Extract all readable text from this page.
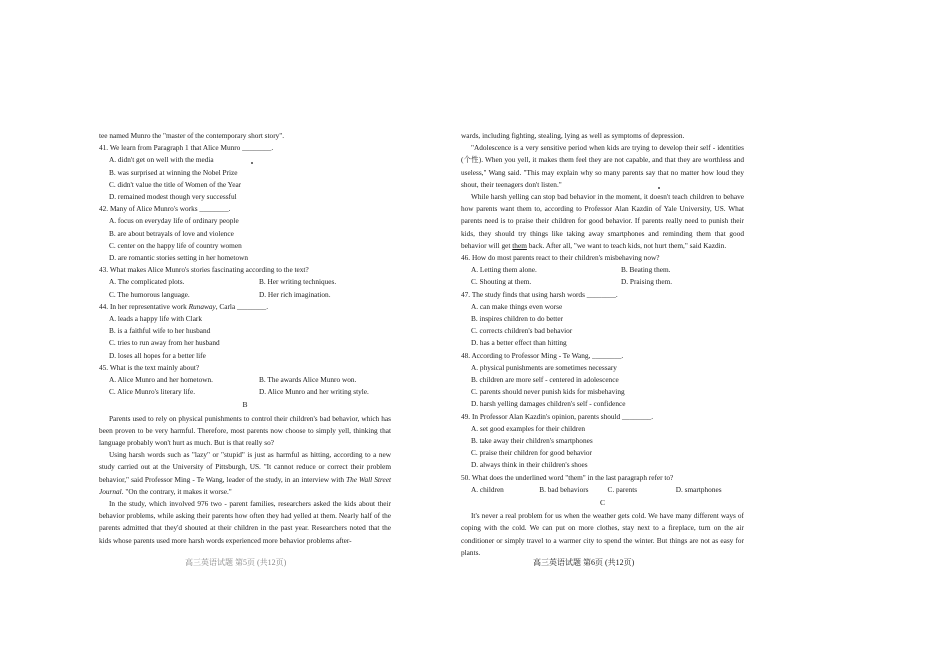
tee named Munro the "master of the contemporary short story".
41. We learn from Paragraph 1 that Alice Munro ________.
A. didn't get on well with the media
B. was surprised at winning the Nobel Prize
C. didn't value the title of Women of the Year
D. remained modest though very successful
42. Many of Alice Munro's works ________.
A. focus on everyday life of ordinary people
B. are about betrayals of love and violence
C. center on the happy life of country women
D. are romantic stories setting in her hometown
43. What makes Alice Munro's stories fascinating according to the text?
A. The complicated plots.	B. Her writing techniques.
C. The humorous language.	D. Her rich imagination.
44. In her representative work Runaway, Carla ________.
A. leads a happy life with Clark
B. is a faithful wife to her husband
C. tries to run away from her husband
D. loses all hopes for a better life
45. What is the text mainly about?
A. Alice Munro and her hometown.	B. The awards Alice Munro won.
C. Alice Munro's literary life.	D. Alice Munro and her writing style.
B

Parents used to rely on physical punishments to control their children's bad behavior, which has been proven to be very harmful. Therefore, most parents now choose to simply yell, thinking that language probably won't hurt as much. But is that really so?

Using harsh words such as "lazy" or "stupid" is just as harmful as hitting, according to a new study carried out at the University of Pittsburgh, US. "It cannot reduce or correct their problem behavior," said Professor Ming - Te Wang, leader of the study, in an interview with The Wall Street Journal. "On the contrary, it makes it worse."

In the study, which involved 976 two - parent families, researchers asked the kids about their behavior problems, while asking their parents how often they had yelled at them. Nearly half of the parents admitted that they'd shouted at their children in the past year. Researchers noted that the kids whose parents used more harsh words experienced more behavior problems after-

高三英语试题 第5页 (共12页)
wards, including fighting, stealing, lying as well as symptoms of depression.

"Adolescence is a very sensitive period when kids are trying to develop their self - identities (个性). When you yell, it makes them feel they are not capable, and that they are worthless and useless," Wang said. "This may explain why so many parents say that no matter how loud they shout, their teenagers don't listen."

While harsh yelling can stop bad behavior in the moment, it doesn't teach children to behave how parents want them to, according to Professor Alan Kazdin of Yale University, US. What parents need is to praise their children for good behavior. If parents really need to punish their kids, they should try things like taking away smartphones and reminding them that good behavior will get them back. After all, "we want to teach kids, not hurt them," said Kazdin.

46. How do most parents react to their children's misbehaving now?
A. Letting them alone.	B. Beating them.
C. Shouting at them.	D. Praising them.
47. The study finds that using harsh words ________.
A. can make things even worse
B. inspires children to do better
C. corrects children's bad behavior
D. has a better effect than hitting
48. According to Professor Ming - Te Wang, ________.
A. physical punishments are sometimes necessary
B. children are more self - centered in adolescence
C. parents should never punish kids for misbehaving
D. harsh yelling damages children's self - confidence
49. In Professor Alan Kazdin's opinion, parents should ________.
A. set good examples for their children
B. take away their children's smartphones
C. praise their children for good behavior
D. always think in their children's shoes
50. What does the underlined word "them" in the last paragraph refer to?
A. children	B. bad behaviors	C. parents	D. smartphones
C

It's never a real problem for us when the weather gets cold. We have many different ways of coping with the cold. We can put on more clothes, stay next to a fireplace, turn on the air conditioner or simply travel to a warmer city to spend the winter. But things are not as easy for plants.

高三英语试题 第6页 (共12页)
